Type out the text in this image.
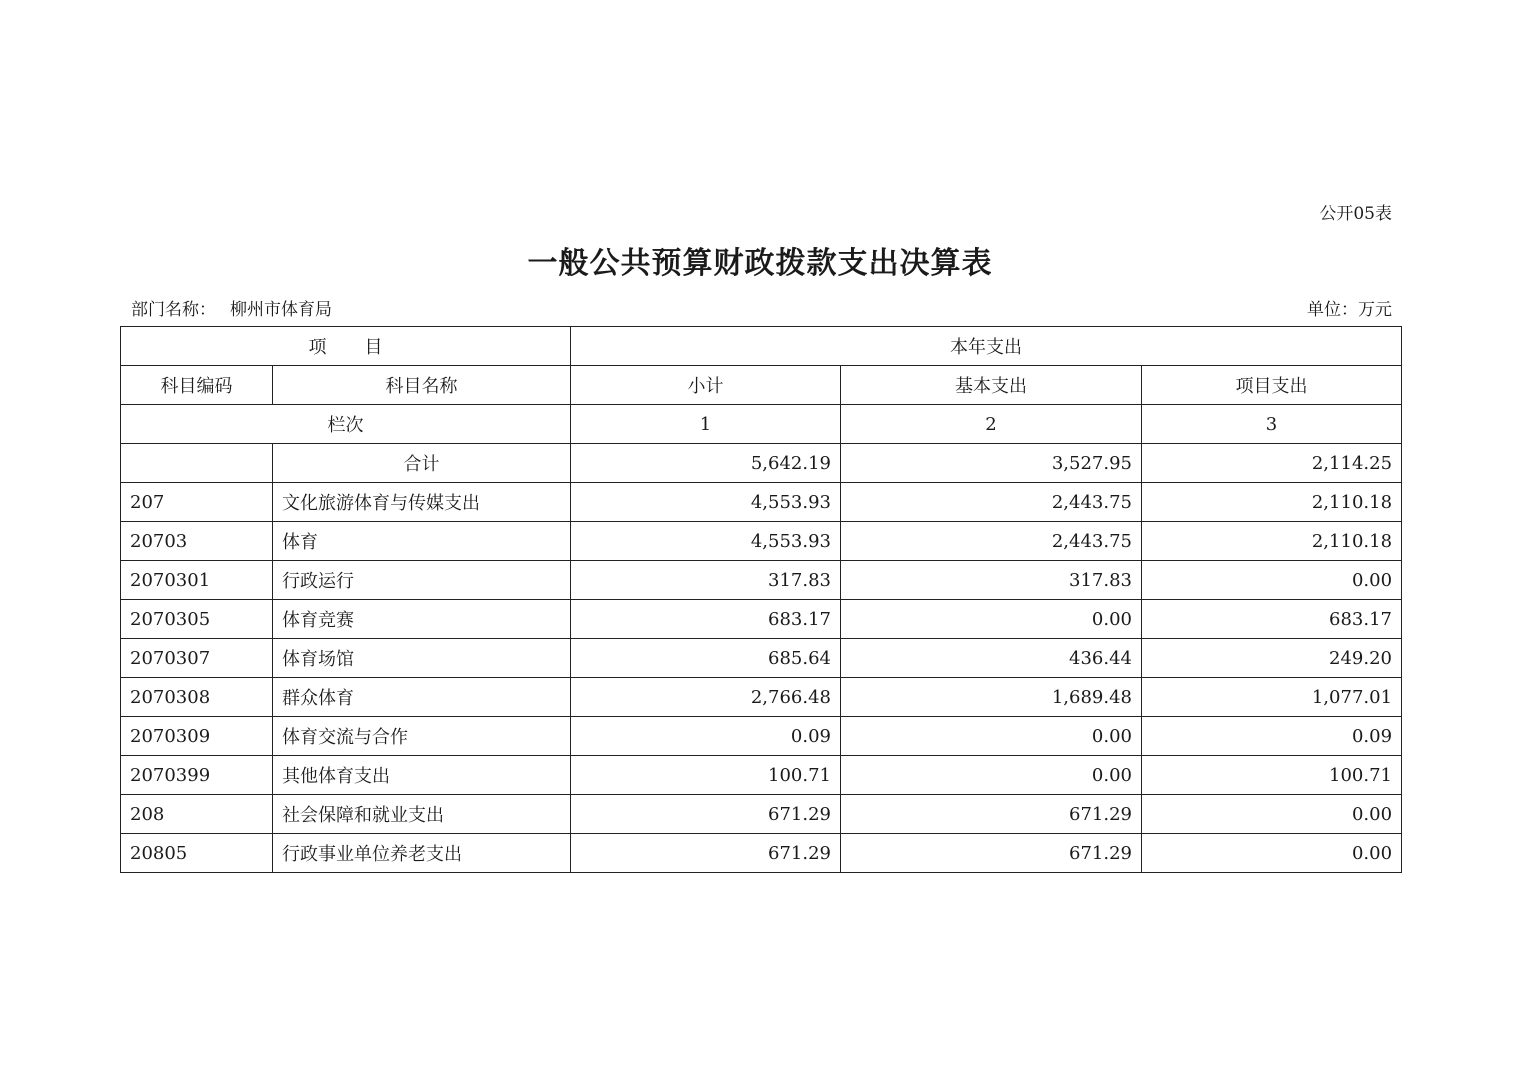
公开05表
一般公共预算财政拨款支出决算表
部门名称： 柳州市体育局	单位：万元
项 目		本年支出		
科目编码	科目名称	小计	基本支出	项目支出
栏次		1	2	3
	合计	5,642.19	3,527.95	2,114.25
207	文化旅游体育与传媒支出	4,553.93	2,443.75	2,110.18
20703	体育	4,553.93	2,443.75	2,110.18
2070301	行政运行	317.83	317.83	0.00
2070305	体育竞赛	683.17	0.00	683.17
2070307	体育场馆	685.64	436.44	249.20
2070308	群众体育	2,766.48	1,689.48	1,077.01
2070309	体育交流与合作	0.09	0.00	0.09
2070399	其他体育支出	100.71	0.00	100.71
208	社会保障和就业支出	671.29	671.29	0.00
20805	行政事业单位养老支出	671.29	671.29	0.00
